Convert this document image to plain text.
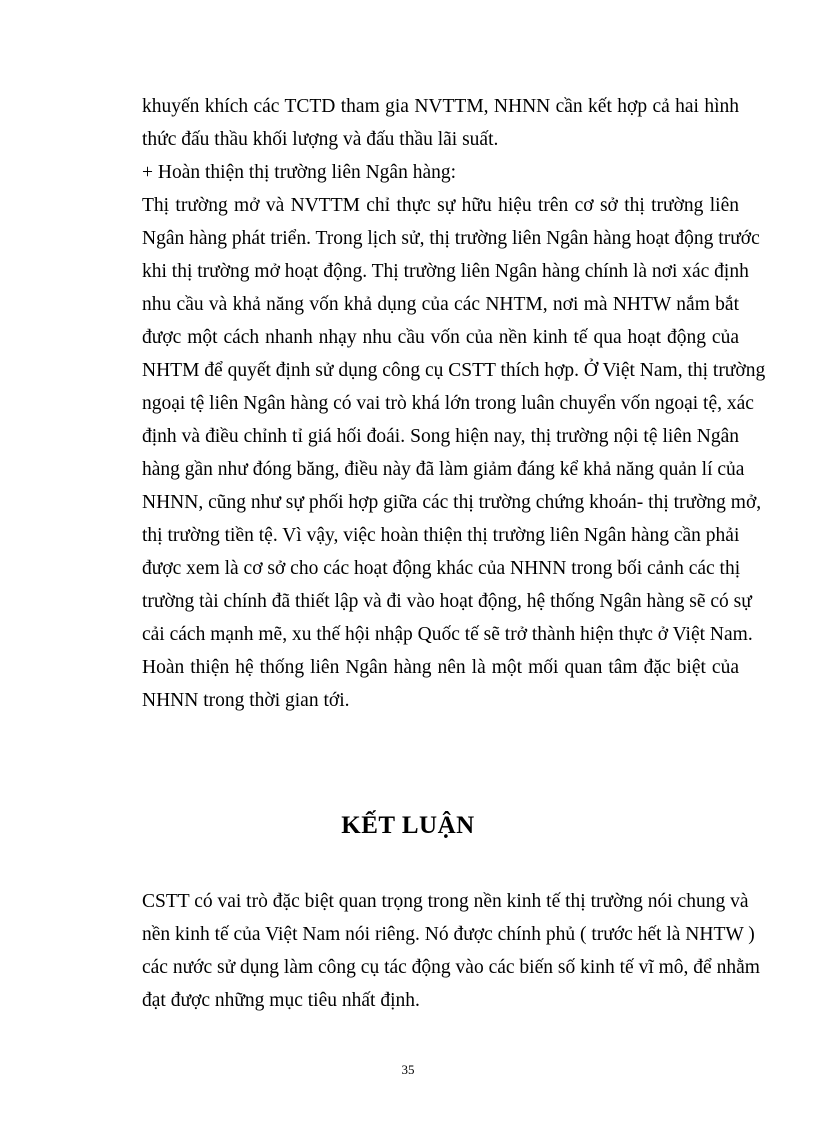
khuyến khích các TCTD tham gia NVTTM, NHNN cần kết hợp cả hai hình
thức đấu thầu khối lượng và đấu thầu lãi suất.
+ Hoàn thiện thị trường liên Ngân hàng:
Thị trường mở và NVTTM chỉ thực sự hữu hiệu trên cơ sở thị trường liên
Ngân hàng phát triển. Trong lịch sử, thị trường liên Ngân hàng hoạt động trước
khi thị trường mở hoạt động. Thị trường liên Ngân hàng chính là nơi xác định
nhu cầu và khả năng vốn khả dụng của các NHTM, nơi mà NHTW nắm bắt
được một cách nhanh nhạy nhu cầu vốn của nền kinh tế qua hoạt động của
NHTM để quyết định sử dụng công cụ CSTT thích hợp. Ở Việt Nam, thị trường
ngoại tệ liên Ngân hàng có vai trò khá lớn trong luân chuyển vốn ngoại tệ, xác
định và điều chỉnh tỉ giá hối đoái. Song hiện nay, thị trường nội tệ liên Ngân
hàng gần như đóng băng, điều này đã làm giảm đáng kể khả năng quản lí của
NHNN, cũng như sự phối hợp giữa các thị trường chứng khoán- thị trường mở,
thị trường tiền tệ. Vì vậy, việc hoàn thiện thị trường liên Ngân hàng cần phải
được xem là cơ sở cho các hoạt động khác của NHNN trong bối cảnh các thị
trường tài chính đã thiết lập và đi vào hoạt động, hệ thống Ngân hàng sẽ có sự
cải cách mạnh mẽ, xu thế hội nhập Quốc tế sẽ trở thành hiện thực ở Việt Nam.
Hoàn thiện hệ thống liên Ngân hàng nên là một mối quan tâm đặc biệt của
NHNN trong thời gian tới.
KẾT LUẬN
CSTT có vai trò đặc biệt quan trọng trong nền kinh tế thị trường nói chung và
nền kinh tế của Việt Nam nói riêng. Nó được chính phủ ( trước hết là NHTW )
các nước sử dụng làm công cụ tác động vào các biến số kinh tế vĩ mô, để nhằm
đạt được những mục tiêu nhất định.
35
